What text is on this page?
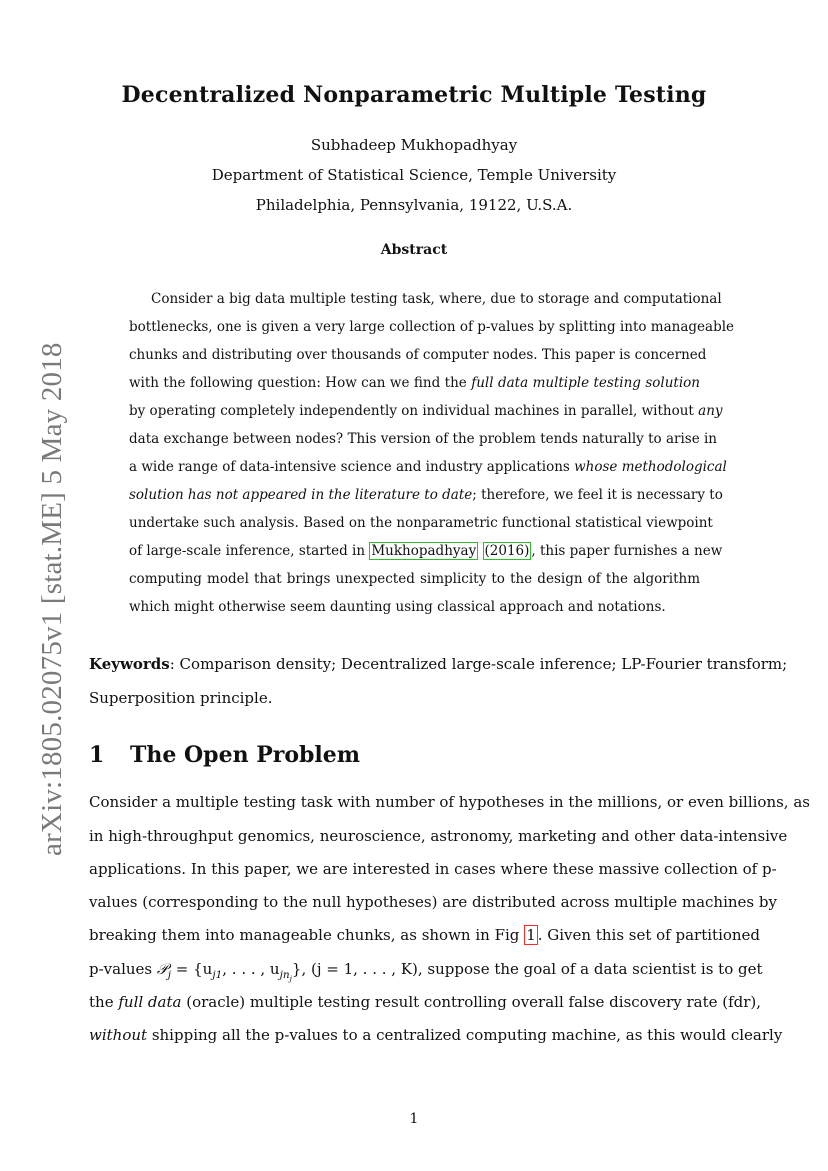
arXiv:1805.02075v1 [stat.ME] 5 May 2018
Decentralized Nonparametric Multiple Testing
Subhadeep Mukhopadhyay
Department of Statistical Science, Temple University
Philadelphia, Pennsylvania, 19122, U.S.A.
Abstract
Consider a big data multiple testing task, where, due to storage and computational
bottlenecks, one is given a very large collection of p-values by splitting into manageable
chunks and distributing over thousands of computer nodes. This paper is concerned
with the following question: How can we find the full data multiple testing solution
by operating completely independently on individual machines in parallel, without any
data exchange between nodes? This version of the problem tends naturally to arise in
a wide range of data-intensive science and industry applications whose methodological
solution has not appeared in the literature to date; therefore, we feel it is necessary to
undertake such analysis. Based on the nonparametric functional statistical viewpoint
of large-scale inference, started in Mukhopadhyay (2016) , this paper furnishes a new
computing model that brings unexpected simplicity to the design of the algorithm
which might otherwise seem daunting using classical approach and notations.
Keywords: Comparison density; Decentralized large-scale inference; LP-Fourier transform;
Superposition principle.
1 The Open Problem
Consider a multiple testing task with number of hypotheses in the millions, or even billions, as
in high-throughput genomics, neuroscience, astronomy, marketing and other data-intensive
applications. In this paper, we are interested in cases where these massive collection of p-
values (corresponding to the null hypotheses) are distributed across multiple machines by
breaking them into manageable chunks, as shown in Fig 1 . Given this set of partitioned
p-values 𝒫$_j$ = {$u_{j1}$, . . . , $u_{jn_j}$}, (j = 1, . . . , K), suppose the goal of a data scientist is to get
the full data (oracle) multiple testing result controlling overall false discovery rate (fdr),
without shipping all the p-values to a centralized computing machine, as this would clearly
1
